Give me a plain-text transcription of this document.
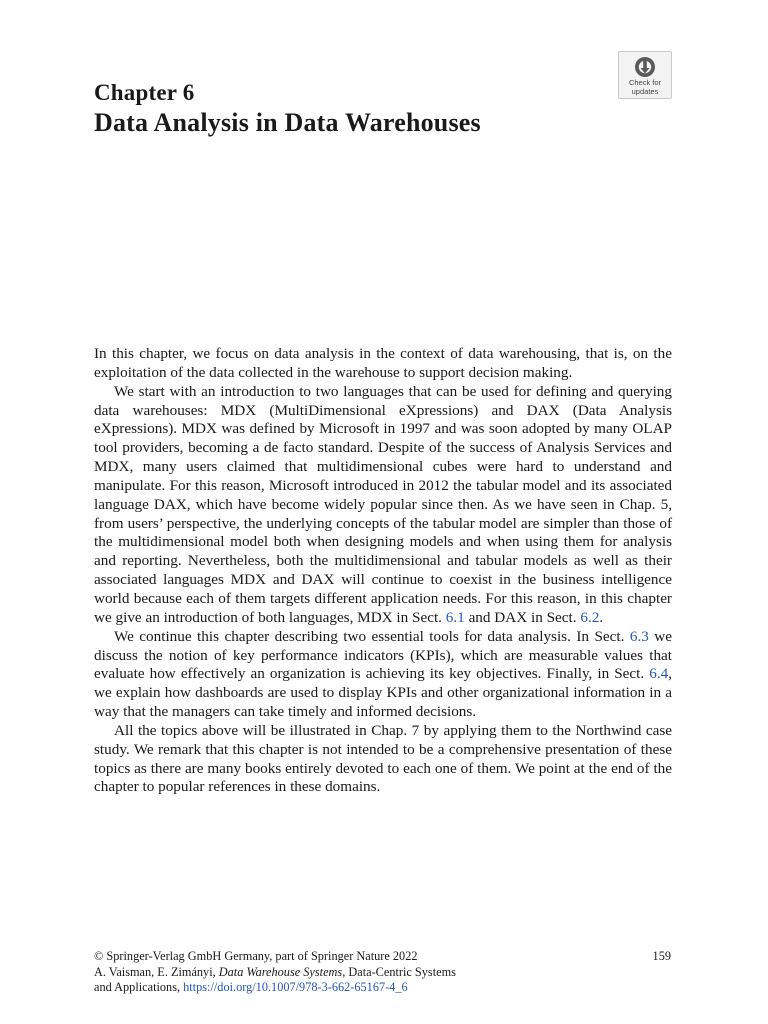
Chapter 6
Data Analysis in Data Warehouses
Check for
updates

In this chapter, we focus on data analysis in the context of data warehousing, that is, on the exploitation of the data collected in the warehouse to support decision making.

We start with an introduction to two languages that can be used for defining and querying data warehouses: MDX (MultiDimensional eXpressions) and DAX (Data Analysis eXpressions). MDX was defined by Microsoft in 1997 and was soon adopted by many OLAP tool providers, becoming a de facto standard. Despite of the success of Analysis Services and MDX, many users claimed that multidimensional cubes were hard to understand and manipulate. For this reason, Microsoft introduced in 2012 the tabular model and its associated language DAX, which have become widely popular since then. As we have seen in Chap. 5, from users’ perspective, the underlying concepts of the tabular model are simpler than those of the multidimensional model both when designing models and when using them for analysis and reporting. Nevertheless, both the multidimensional and tabular models as well as their associated languages MDX and DAX will continue to coexist in the business intelligence world because each of them targets different application needs. For this reason, in this chapter we give an introduction of both languages, MDX in Sect. 6.1 and DAX in Sect. 6.2.

We continue this chapter describing two essential tools for data analysis. In Sect. 6.3 we discuss the notion of key performance indicators (KPIs), which are measurable values that evaluate how effectively an organization is achieving its key objectives. Finally, in Sect. 6.4, we explain how dashboards are used to display KPIs and other organizational information in a way that the managers can take timely and informed decisions.

All the topics above will be illustrated in Chap. 7 by applying them to the Northwind case study. We remark that this chapter is not intended to be a comprehensive presentation of these topics as there are many books entirely devoted to each one of them. We point at the end of the chapter to popular references in these domains.

© Springer-Verlag GmbH Germany, part of Springer Nature 2022
A. Vaisman, E. Zimányi, Data Warehouse Systems, Data-Centric Systems
and Applications, https://doi.org/10.1007/978-3-662-65167-4_6
159
